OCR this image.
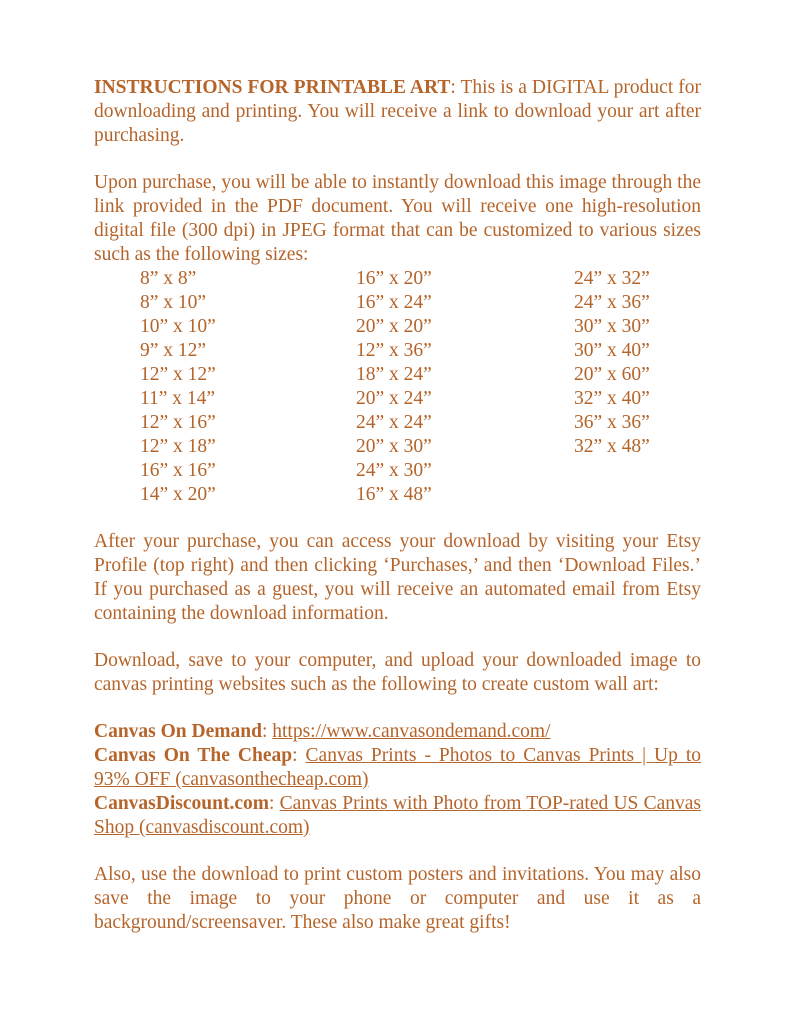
INSTRUCTIONS FOR PRINTABLE ART: This is a DIGITAL product for downloading and printing. You will receive a link to download your art after purchasing.

Upon purchase, you will be able to instantly download this image through the link provided in the PDF document. You will receive one high-resolution digital file (300 dpi) in JPEG format that can be customized to various sizes such as the following sizes:

8” x 8”
8” x 10”
10” x 10”
9” x 12”
12” x 12”
11” x 14”
12” x 16”
12” x 18”
16” x 16”
14” x 20”
16” x 20”
16” x 24”
20” x 20”
12” x 36”
18” x 24”
20” x 24”
24” x 24”
20” x 30”
24” x 30”
16” x 48”
24” x 32”
24” x 36”
30” x 30”
30” x 40”
20” x 60”
32” x 40”
36” x 36”
32” x 48”

After your purchase, you can access your download by visiting your Etsy Profile (top right) and then clicking ‘Purchases,’ and then ‘Download Files.’ If you purchased as a guest, you will receive an automated email from Etsy containing the download information.

Download, save to your computer, and upload your downloaded image to canvas printing websites such as the following to create custom wall art:

Canvas On Demand: https://www.canvasondemand.com/
Canvas On The Cheap: Canvas Prints - Photos to Canvas Prints | Up to 93% OFF (canvasonthecheap.com)
CanvasDiscount.com: Canvas Prints with Photo from TOP-rated US Canvas Shop (canvasdiscount.com)

Also, use the download to print custom posters and invitations. You may also save the image to your phone or computer and use it as a background/screensaver. These also make great gifts!
